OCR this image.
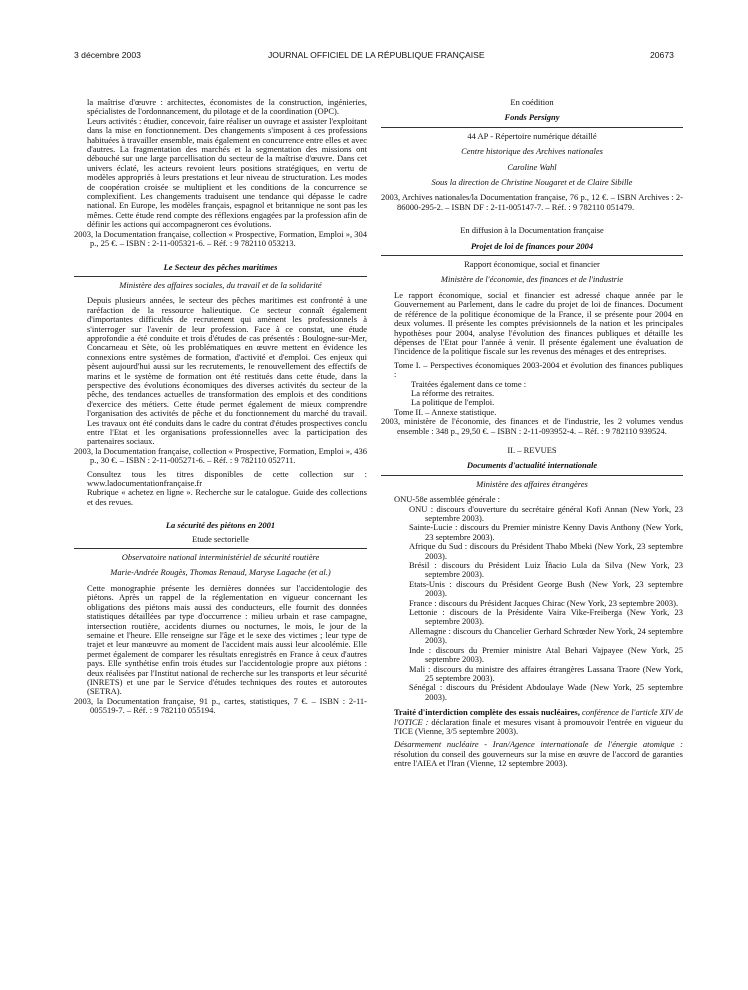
3 décembre 2003	JOURNAL OFFICIEL DE LA RÉPUBLIQUE FRANÇAISE	20673

la maîtrise d'œuvre : architectes, économistes de la construction, ingénieries, spécialistes de l'ordonnancement, du pilotage et de la coordination (OPC).

Leurs activités : étudier, concevoir, faire réaliser un ouvrage et assister l'exploitant dans la mise en fonctionnement. Des changements s'imposent à ces professions habituées à travailler ensemble, mais également en concurrence entre elles et avec d'autres. La fragmentation des marchés et la segmentation des missions ont débouché sur une large parcellisation du secteur de la maîtrise d'œuvre. Dans cet univers éclaté, les acteurs revoient leurs positions stratégiques, en vertu de modèles appropriés à leurs prestations et leur niveau de structuration. Les modes de coopération croisée se multiplient et les conditions de la concurrence se complexifient. Les changements traduisent une tendance qui dépasse le cadre national. En Europe, les modèles français, espagnol et britannique ne sont pas les mêmes. Cette étude rend compte des réflexions engagées par la profession afin de définir les actions qui accompagneront ces évolutions.

2003, la Documentation française, collection « Prospective, Formation, Emploi », 304 p., 25 €. – ISBN : 2-11-005321-6. – Réf. : 9 782110 053213.

Le Secteur des pêches maritimes

Ministère des affaires sociales, du travail et de la solidarité

Depuis plusieurs années, le secteur des pêches maritimes est confronté à une raréfaction de la ressource halieutique. Ce secteur connaît également d'importantes difficultés de recrutement qui amènent les professionnels à s'interroger sur l'avenir de leur profession. Face à ce constat, une étude approfondie a été conduite et trois d'études de cas présentés : Boulogne-sur-Mer, Concarneau et Sète, où les problématiques en œuvre mettent en évidence les connexions entre systèmes de formation, d'activité et d'emploi. Ces enjeux qui pèsent aujourd'hui aussi sur les recrutements, le renouvellement des effectifs de marins et le système de formation ont été restitués dans cette étude, dans la perspective des évolutions économiques des diverses activités du secteur de la pêche, des tendances actuelles de transformation des emplois et des conditions d'exercice des métiers. Cette étude permet également de mieux comprendre l'organisation des activités de pêche et du fonctionnement du marché du travail. Les travaux ont été conduits dans le cadre du contrat d'études prospectives conclu entre l'Etat et les organisations professionnelles avec la participation des partenaires sociaux.

2003, la Documentation française, collection « Prospective, Formation, Emploi », 436 p., 30 €. – ISBN : 2-11-005271-6. – Réf. : 9 782110 052711.

Consultez tous les titres disponibles de cette collection sur : www.ladocumentationfrançaise.fr

Rubrique « achetez en ligne ». Recherche sur le catalogue. Guide des collections et des revues.

La sécurité des piétons en 2001

Etude sectorielle

Observatoire national interministériel de sécurité routière

Marie-Andrée Rougès, Thomas Renaud, Maryse Lagache (et al.)

Cette monographie présente les dernières données sur l'accidentologie des piétons. Après un rappel de la réglementation en vigueur concernant les obligations des piétons mais aussi des conducteurs, elle fournit des données statistiques détaillées par type d'occurrence : milieu urbain et rase campagne, intersection routière, accidents diurnes ou nocturnes, le mois, le jour de la semaine et l'heure. Elle renseigne sur l'âge et le sexe des victimes ; leur type de trajet et leur manœuvre au moment de l'accident mais aussi leur alcoolémie. Elle permet également de comparer les résultats enregistrés en France à ceux d'autres pays. Elle synthétise enfin trois études sur l'accidentologie propre aux piétons : deux réalisées par l'Institut national de recherche sur les transports et leur sécurité (INRETS) et une par le Service d'études techniques des routes et autoroutes (SETRA).

2003, la Documentation française, 91 p., cartes, statistiques, 7 €. – ISBN : 2-11-005519-7. – Réf. : 9 782110 055194.

En coédition

Fonds Persigny

44 AP - Répertoire numérique détaillé

Centre historique des Archives nationales

Caroline Wahl

Sous la direction de Christine Nougaret et de Claire Sibille

2003, Archives nationales/la Documentation française, 76 p., 12 €. – ISBN Archives : 2-86000-295-2. – ISBN DF : 2-11-005147-7. – Réf. : 9 782110 051479.

En diffusion à la Documentation française

Projet de loi de finances pour 2004

Rapport économique, social et financier

Ministère de l'économie, des finances et de l'industrie

Le rapport économique, social et financier est adressé chaque année par le Gouvernement au Parlement, dans le cadre du projet de loi de finances. Document de référence de la politique économique de la France, il se présente pour 2004 en deux volumes. Il présente les comptes prévisionnels de la nation et les principales hypothèses pour 2004, analyse l'évolution des finances publiques et détaille les dépenses de l'Etat pour l'année à venir. Il présente également une évaluation de l'incidence de la politique fiscale sur les revenus des ménages et des entreprises.

Tome I. – Perspectives économiques 2003-2004 et évolution des finances publiques :

Traitées également dans ce tome :

La réforme des retraites.

La politique de l'emploi.

Tome II. – Annexe statistique.

2003, ministère de l'économie, des finances et de l'industrie, les 2 volumes vendus ensemble : 348 p., 29,50 €. – ISBN : 2-11-093952-4. – Réf. : 9 782110 939524.

II. – REVUES

Documents d'actualité internationale

Ministère des affaires étrangères

ONU-58e assemblée générale :

ONU : discours d'ouverture du secrétaire général Kofi Annan (New York, 23 septembre 2003).

Sainte-Lucie : discours du Premier ministre Kenny Davis Anthony (New York, 23 septembre 2003).

Afrique du Sud : discours du Président Thabo Mbeki (New York, 23 septembre 2003).

Brésil : discours du Président Luiz Ïñacio Lula da Silva (New York, 23 septembre 2003).

Etats-Unis : discours du Président George Bush (New York, 23 septembre 2003).

France : discours du Président Jacques Chirac (New York, 23 septembre 2003).

Lettonie : discours de la Présidente Vaira Vike-Freiberga (New York, 23 septembre 2003).

Allemagne : discours du Chancelier Gerhard Schrœder New York, 24 septembre 2003).

Inde : discours du Premier ministre Atal Behari Vajpayee (New York, 25 septembre 2003).

Mali : discours du ministre des affaires étrangères Lassana Traore (New York, 25 septembre 2003).

Sénégal : discours du Président Abdoulaye Wade (New York, 25 septembre 2003).

Traité d'interdiction complète des essais nucléaires, conférence de l'article XIV de l'OTICE : déclaration finale et mesures visant à promouvoir l'entrée en vigueur du TICE (Vienne, 3/5 septembre 2003).

Désarmement nucléaire - Iran/Agence internationale de l'énergie atomique : résolution du conseil des gouverneurs sur la mise en œuvre de l'accord de garanties entre l'AIEA et l'Iran (Vienne, 12 septembre 2003).
